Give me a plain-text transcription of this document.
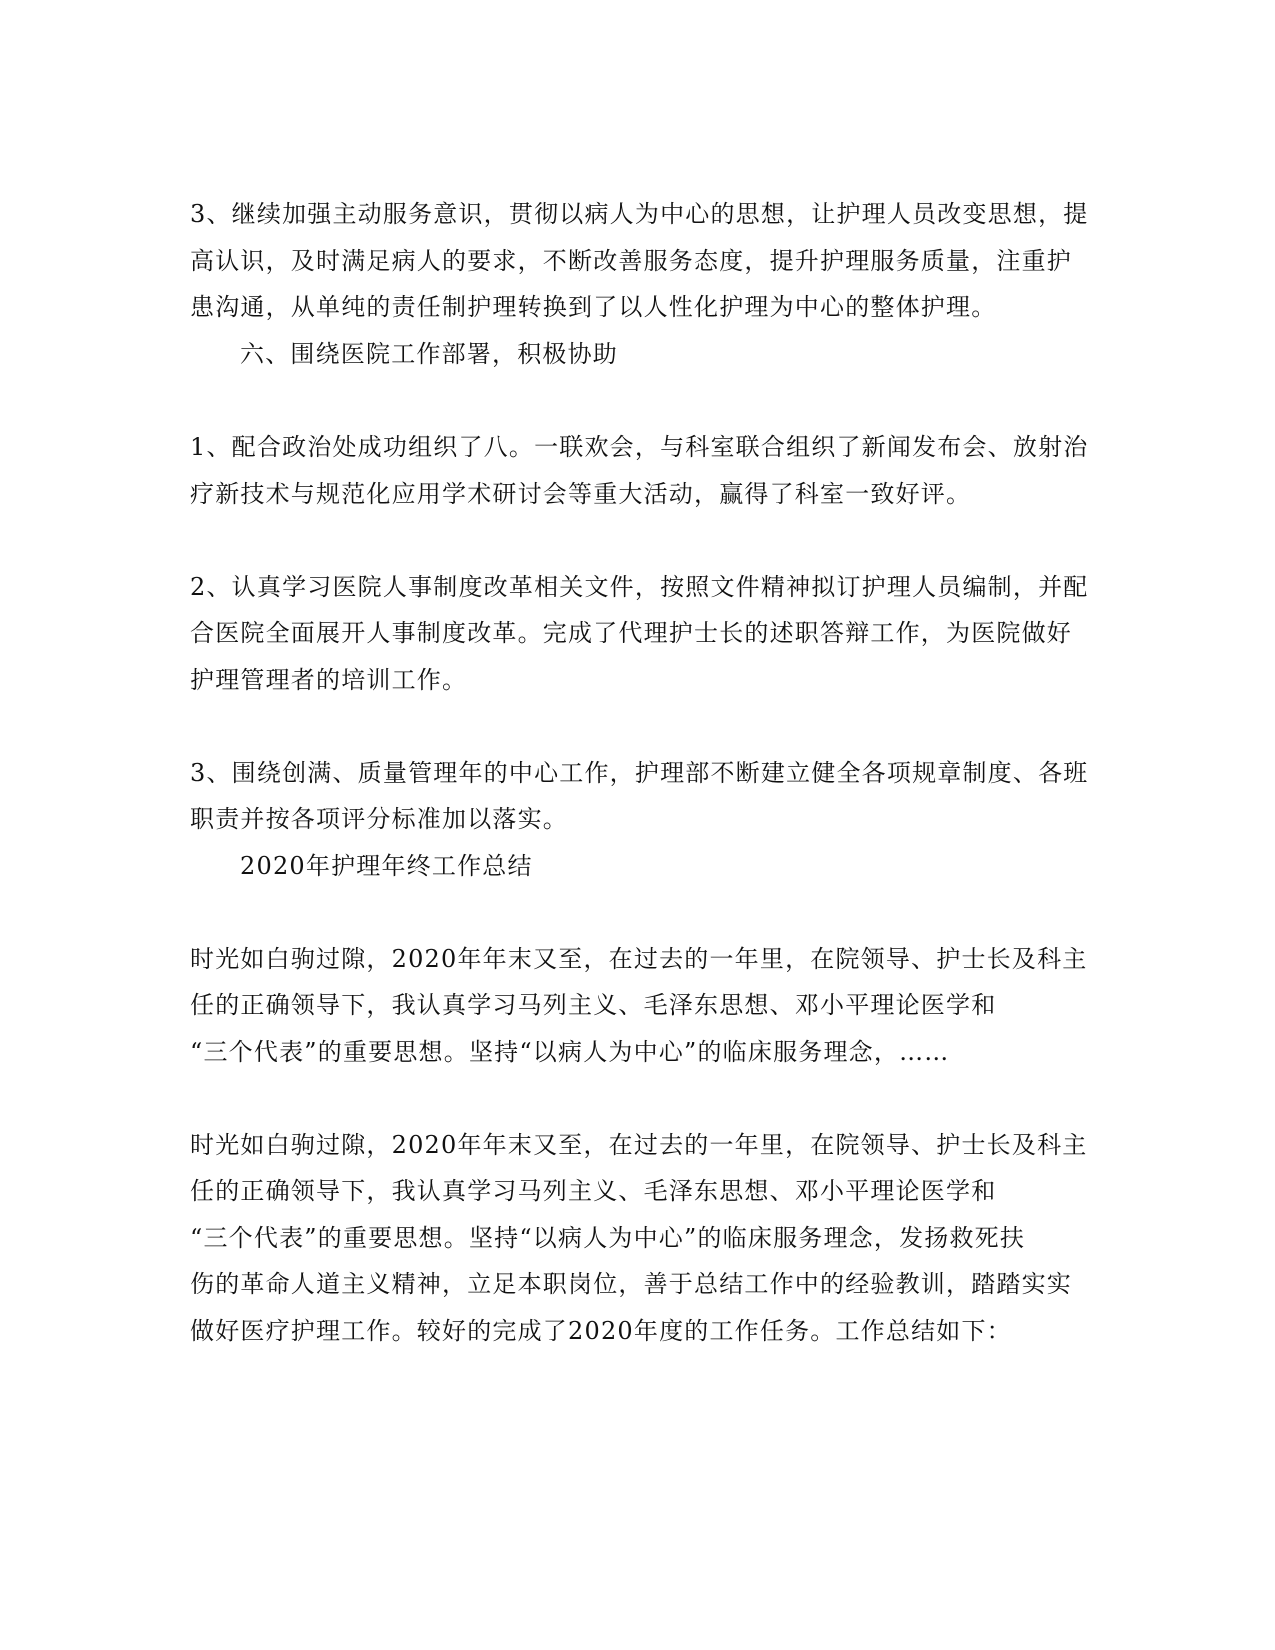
3、继续加强主动服务意识，贯彻以病人为中心的思想，让护理人员改变思想，提
高认识，及时满足病人的要求，不断改善服务态度，提升护理服务质量，注重护
患沟通，从单纯的责任制护理转换到了以人性化护理为中心的整体护理。
六、围绕医院工作部署，积极协助
1、配合政治处成功组织了八。一联欢会，与科室联合组织了新闻发布会、放射治
疗新技术与规范化应用学术研讨会等重大活动，赢得了科室一致好评。
2、认真学习医院人事制度改革相关文件，按照文件精神拟订护理人员编制，并配
合医院全面展开人事制度改革。完成了代理护士长的述职答辩工作，为医院做好
护理管理者的培训工作。
3、围绕创满、质量管理年的中心工作，护理部不断建立健全各项规章制度、各班
职责并按各项评分标准加以落实。
2020年护理年终工作总结
时光如白驹过隙，2020年年末又至，在过去的一年里，在院领导、护士长及科主
任的正确领导下，我认真学习马列主义、毛泽东思想、邓小平理论医学和
“三个代表”的重要思想。坚持“以病人为中心”的临床服务理念，……
时光如白驹过隙，2020年年末又至，在过去的一年里，在院领导、护士长及科主
任的正确领导下，我认真学习马列主义、毛泽东思想、邓小平理论医学和
“三个代表”的重要思想。坚持“以病人为中心”的临床服务理念，发扬救死扶
伤的革命人道主义精神，立足本职岗位，善于总结工作中的经验教训，踏踏实实
做好医疗护理工作。较好的完成了2020年度的工作任务。工作总结如下：
